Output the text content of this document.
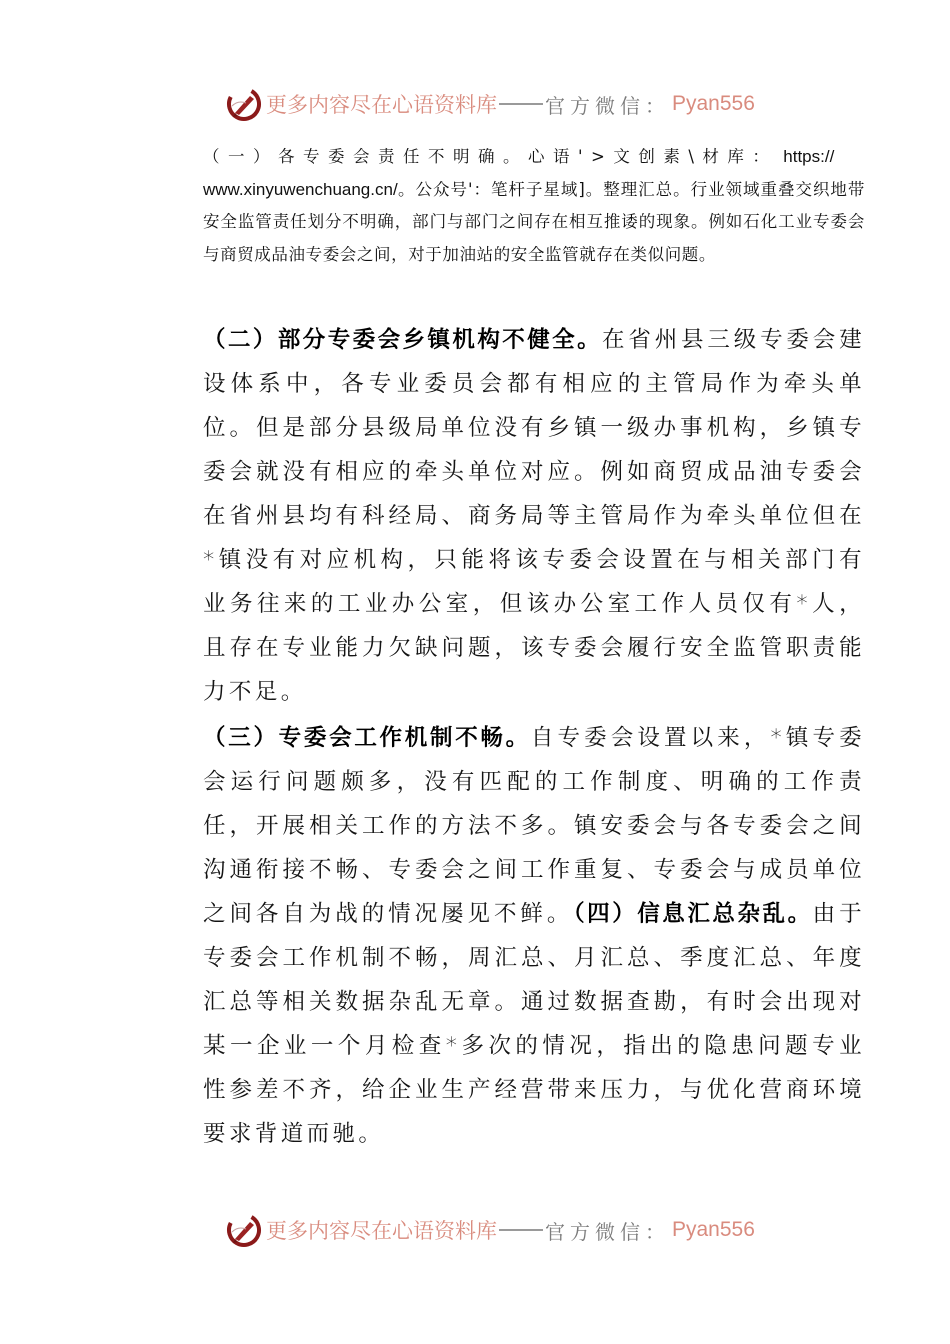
更多内容尽在心语资料库 官方微信： Pyan556
（一）各专委会责任不明确。心语'>文创素\材库： https://
www.xinyuwenchuang.cn/。公众号'：笔杆子星域]。整理汇总。行业领域重叠交织地带安全监管责任划分不明确，部门与部门之间存在相互推诿的现象。例如石化工业专委会与商贸成品油专委会之间，对于加油站的安全监管就存在类似问题。
（二）部分专委会乡镇机构不健全。在省州县三级专委会建设体系中，各专业委员会都有相应的主管局作为牵头单位。但是部分县级局单位没有乡镇一级办事机构，乡镇专委会就没有相应的牵头单位对应。例如商贸成品油专委会在省州县均有科经局、商务局等主管局作为牵头单位但在*镇没有对应机构，只能将该专委会设置在与相关部门有业务往来的工业办公室，但该办公室工作人员仅有*人，且存在专业能力欠缺问题，该专委会履行安全监管职责能力不足。
（三）专委会工作机制不畅。自专委会设置以来，*镇专委会运行问题颇多，没有匹配的工作制度、明确的工作责任，开展相关工作的方法不多。镇安委会与各专委会之间沟通衔接不畅、专委会之间工作重复、专委会与成员单位之间各自为战的情况屡见不鲜。（四）信息汇总杂乱。由于专委会工作机制不畅，周汇总、月汇总、季度汇总、年度汇总等相关数据杂乱无章。通过数据查勘，有时会出现对某一企业一个月检查*多次的情况，指出的隐患问题专业性参差不齐，给企业生产经营带来压力，与优化营商环境要求背道而驰。
更多内容尽在心语资料库 官方微信： Pyan556
